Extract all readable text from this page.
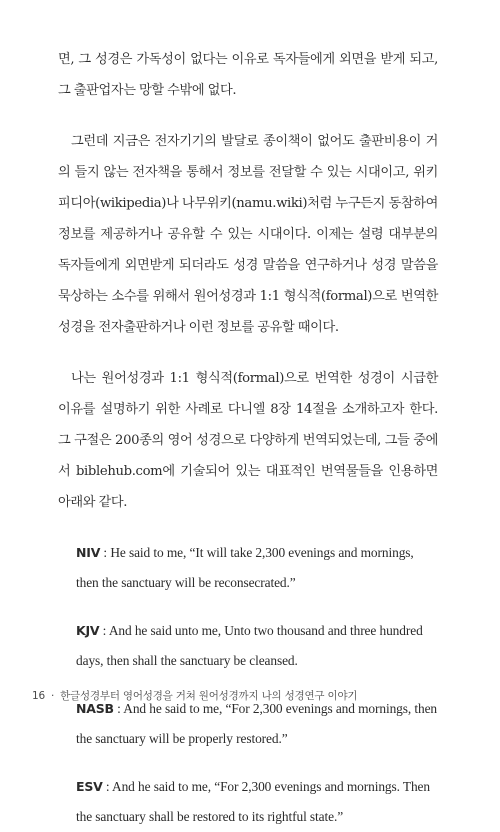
면, 그 성경은 가독성이 없다는 이유로 독자들에게 외면을 받게 되고, 그 출판업자는 망할 수밖에 없다.

그런데 지금은 전자기기의 발달로 종이책이 없어도 출판비용이 거의 들지 않는 전자책을 통해서 정보를 전달할 수 있는 시대이고, 위키피디아(wikipedia)나 나무위키(namu.wiki)처럼 누구든지 동참하여 정보를 제공하거나 공유할 수 있는 시대이다. 이제는 설령 대부분의 독자들에게 외면받게 되더라도 성경 말씀을 연구하거나 성경 말씀을 묵상하는 소수를 위해서 원어성경과 1:1 형식적(formal)으로 번역한 성경을 전자출판하거나 이런 정보를 공유할 때이다.

나는 원어성경과 1:1 형식적(formal)으로 번역한 성경이 시급한 이유를 설명하기 위한 사례로 다니엘 8장 14절을 소개하고자 한다. 그 구절은 200종의 영어 성경으로 다양하게 번역되었는데, 그들 중에서 biblehub.com에 기술되어 있는 대표적인 번역물들을 인용하면 아래와 같다.

NIV : He said to me, “It will take 2,300 evenings and mornings, then the sanctuary will be reconsecrated.”
KJV : And he said unto me, Unto two thousand and three hundred days, then shall the sanctuary be cleansed.
NASB : And he said to me, “For 2,300 evenings and mornings, then the sanctuary will be properly restored.”
ESV : And he said to me, “For 2,300 evenings and mornings. Then the sanctuary shall be restored to its rightful state.”
16 · 한글성경부터 영어성경을 거쳐 원어성경까지 나의 성경연구 이야기
